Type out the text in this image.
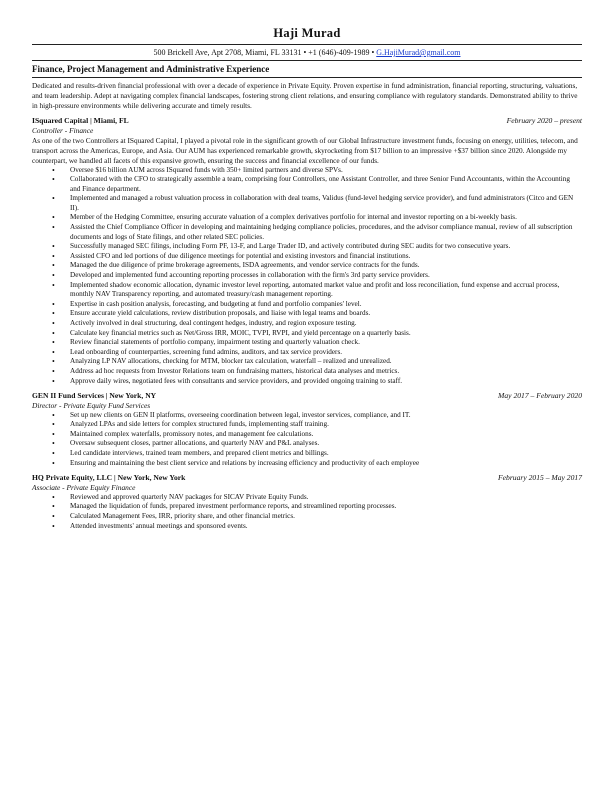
Haji Murad
500 Brickell Ave, Apt 2708, Miami, FL 33131 • +1 (646)-409-1989 • G.HajiMurad@gmail.com
Finance, Project Management and Administrative Experience
Dedicated and results-driven financial professional with over a decade of experience in Private Equity. Proven expertise in fund administration, financial reporting, structuring, valuations, and team leadership. Adept at navigating complex financial landscapes, fostering strong client relations, and ensuring compliance with regulatory standards. Demonstrated ability to thrive in high-pressure environments while delivering accurate and timely results.
ISquared Capital | Miami, FL	February 2020 – present
Controller - Finance
As one of the two Controllers at ISquared Capital, I played a pivotal role in the significant growth of our Global Infrastructure investment funds, focusing on energy, utilities, telecom, and transport across the Americas, Europe, and Asia. Our AUM has experienced remarkable growth, skyrocketing from $17 billion to an impressive +$37 billion since 2020. Alongside my counterpart, we handled all facets of this expansive growth, ensuring the success and financial excellence of our funds.
• Oversee $16 billion AUM across ISquared funds with 350+ limited partners and diverse SPVs.
• Collaborated with the CFO to strategically assemble a team, comprising four Controllers, one Assistant Controller, and three Senior Fund Accountants, within the Accounting and Finance department.
• Implemented and managed a robust valuation process in collaboration with deal teams, Validus (fund-level hedging service provider), and fund administrators (Citco and GEN II).
• Member of the Hedging Committee, ensuring accurate valuation of a complex derivatives portfolio for internal and investor reporting on a bi-weekly basis.
• Assisted the Chief Compliance Officer in developing and maintaining hedging compliance policies, procedures, and the advisor compliance manual, review of all subscription documents and logs of State filings, and other related SEC policies.
• Successfully managed SEC filings, including Form PF, 13-F, and Large Trader ID, and actively contributed during SEC audits for two consecutive years.
• Assisted CFO and led portions of due diligence meetings for potential and existing investors and financial institutions.
• Managed the due diligence of prime brokerage agreements, ISDA agreements, and vendor service contracts for the funds.
• Developed and implemented fund accounting reporting processes in collaboration with the firm's 3rd party service providers.
• Implemented shadow economic allocation, dynamic investor level reporting, automated market value and profit and loss reconciliation, fund expense and accrual process, monthly NAV Transparency reporting, and automated treasury/cash management reporting.
• Expertise in cash position analysis, forecasting, and budgeting at fund and portfolio companies' level.
• Ensure accurate yield calculations, review distribution proposals, and liaise with legal teams and boards.
• Actively involved in deal structuring, deal contingent hedges, industry, and region exposure testing.
• Calculate key financial metrics such as Net/Gross IRR, MOIC, TVPI, RVPI, and yield percentage on a quarterly basis.
• Review financial statements of portfolio company, impairment testing and quarterly valuation check.
• Lead onboarding of counterparties, screening fund admins, auditors, and tax service providers.
• Analyzing LP NAV allocations, checking for MTM, blocker tax calculation, waterfall – realized and unrealized.
• Address ad hoc requests from Investor Relations team on fundraising matters, historical data analyses and metrics.
• Approve daily wires, negotiated fees with consultants and service providers, and provided ongoing training to staff.
GEN II Fund Services | New York, NY	May 2017 – February 2020
Director - Private Equity Fund Services
• Set up new clients on GEN II platforms, overseeing coordination between legal, investor services, compliance, and IT.
• Analyzed LPAs and side letters for complex structured funds, implementing staff training.
• Maintained complex waterfalls, promissory notes, and management fee calculations.
• Oversaw subsequent closes, partner allocations, and quarterly NAV and P&L analyses.
• Led candidate interviews, trained team members, and prepared client metrics and billings.
• Ensuring and maintaining the best client service and relations by increasing efficiency and productivity of each employee
HQ Private Equity, LLC | New York, New York	February 2015 – May 2017
Associate - Private Equity Finance
• Reviewed and approved quarterly NAV packages for SICAV Private Equity Funds.
• Managed the liquidation of funds, prepared investment performance reports, and streamlined reporting processes.
• Calculated Management Fees, IRR, priority share, and other financial metrics.
• Attended investments' annual meetings and sponsored events.
